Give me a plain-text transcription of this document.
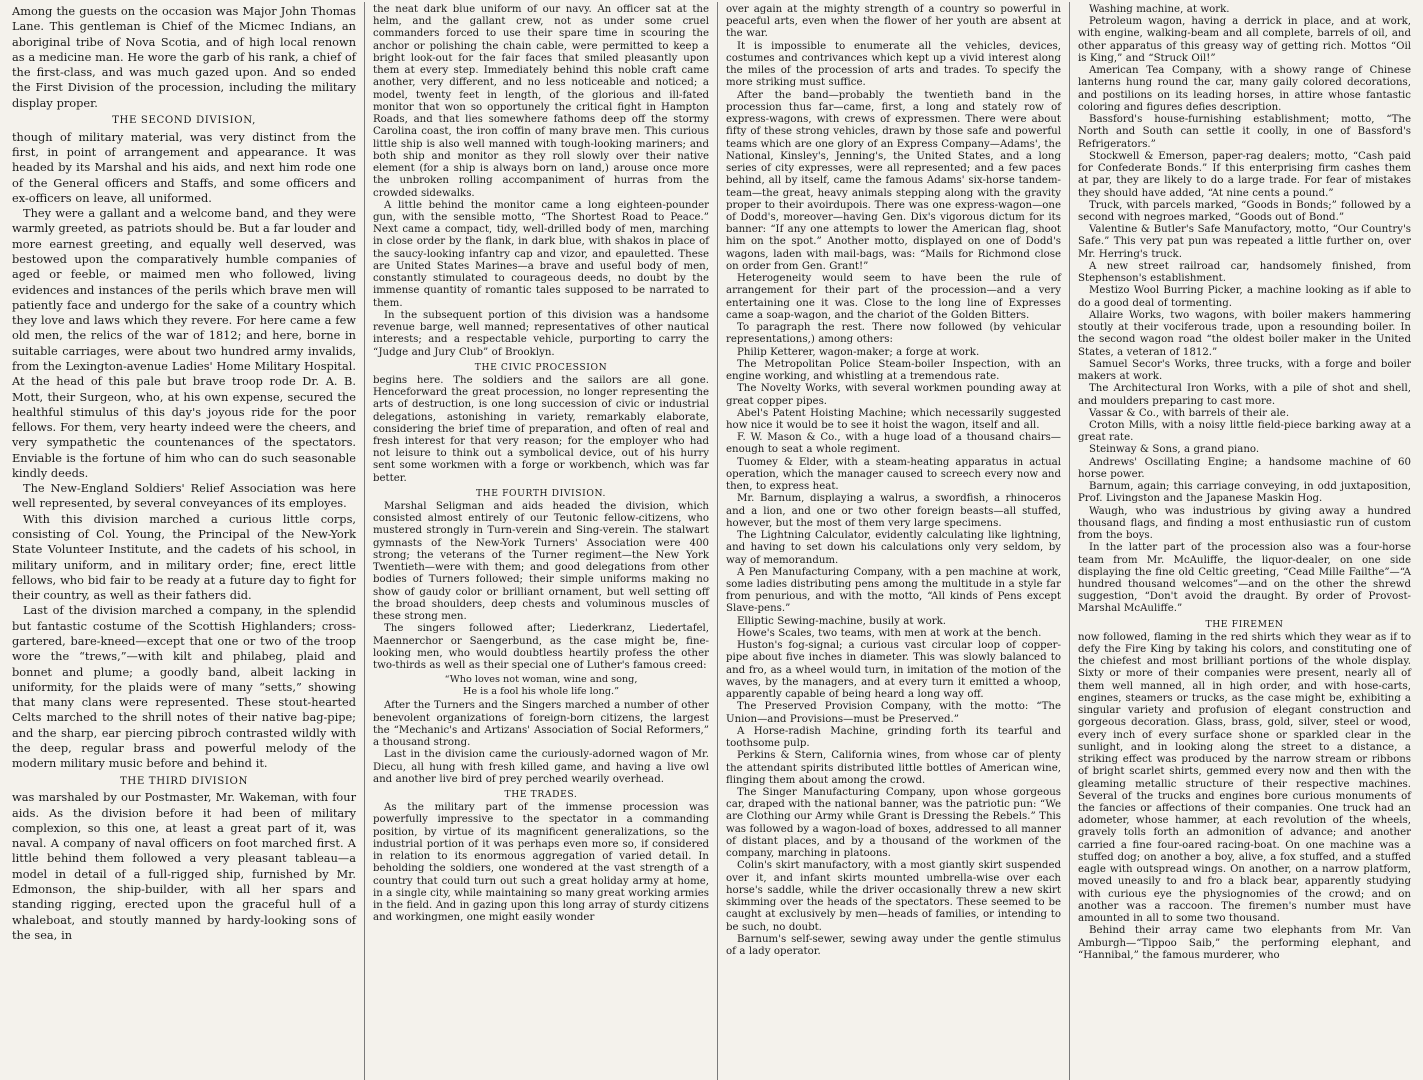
Among the guests on the occasion was Major John Thomas Lane. This gentleman is Chief of the Micmec Indians, an aboriginal tribe of Nova Scotia, and of high local renown as a medicine man. He wore the garb of his rank, a chief of the first-class, and was much gazed upon. And so ended the First Division of the procession, including the military display proper.

THE SECOND DIVISION,

though of military material, was very distinct from the first, in point of arrangement and appearance. It was headed by its Marshal and his aids, and next him rode one of the General officers and Staffs, and some officers and ex-officers on leave, all uniformed.

They were a gallant and a welcome band, and they were warmly greeted, as patriots should be. But a far louder and more earnest greeting, and equally well deserved, was bestowed upon the comparatively humble companies of aged or feeble, or maimed men who followed, living evidences and instances of the perils which brave men will patiently face and undergo for the sake of a country which they love and laws which they revere. For here came a few old men, the relics of the war of 1812; and here, borne in suitable carriages, were about two hundred army invalids, from the Lexington-avenue Ladies' Home Military Hospital. At the head of this pale but brave troop rode Dr. A. B. Mott, their Surgeon, who, at his own expense, secured the healthful stimulus of this day's joyous ride for the poor fellows. For them, very hearty indeed were the cheers, and very sympathetic the countenances of the spectators. Enviable is the fortune of him who can do such seasonable kindly deeds.

The New-England Soldiers' Relief Association was here well represented, by several conveyances of its employes.

With this division marched a curious little corps, consisting of Col. Young, the Principal of the New-York State Volunteer Institute, and the cadets of his school, in military uniform, and in military order; fine, erect little fellows, who bid fair to be ready at a future day to fight for their country, as well as their fathers did.

Last of the division marched a company, in the splendid but fantastic costume of the Scottish Highlanders; cross-gartered, bare-kneed—except that one or two of the troop wore the “trews,”—with kilt and philabeg, plaid and bonnet and plume; a goodly band, albeit lacking in uniformity, for the plaids were of many “setts,” showing that many clans were represented. These stout-hearted Celts marched to the shrill notes of their native bag-pipe; and the sharp, ear piercing pibroch contrasted wildly with the deep, regular brass and powerful melody of the modern military music before and behind it.

THE THIRD DIVISION

was marshaled by our Postmaster, Mr. Wakeman, with four aids. As the division before it had been of military complexion, so this one, at least a great part of it, was naval. A company of naval officers on foot marched first. A little behind them followed a very pleasant tableau—a model in detail of a full-rigged ship, furnished by Mr. Edmonson, the ship-builder, with all her spars and standing rigging, erected upon the graceful hull of a whaleboat, and stoutly manned by hardy-looking sons of the sea, in

the neat dark blue uniform of our navy. An officer sat at the helm, and the gallant crew, not as under some cruel commanders forced to use their spare time in scouring the anchor or polishing the chain cable, were permitted to keep a bright look-out for the fair faces that smiled pleasantly upon them at every step. Immediately behind this noble craft came another, very different, and no less noticeable and noticed; a model, twenty feet in length, of the glorious and ill-fated monitor that won so opportunely the critical fight in Hampton Roads, and that lies somewhere fathoms deep off the stormy Carolina coast, the iron coffin of many brave men. This curious little ship is also well manned with tough-looking mariners; and both ship and monitor as they roll slowly over their native element (for a ship is always born on land,) arouse once more the unbroken rolling accompaniment of hurras from the crowded sidewalks.

A little behind the monitor came a long eighteen-pounder gun, with the sensible motto, “The Shortest Road to Peace.” Next came a compact, tidy, well-drilled body of men, marching in close order by the flank, in dark blue, with shakos in place of the saucy-looking infantry cap and vizor, and epauletted. These are United States Marines—a brave and useful body of men, constantly stimulated to courageous deeds, no doubt by the immense quantity of romantic tales supposed to be narrated to them.

In the subsequent portion of this division was a handsome revenue barge, well manned; representatives of other nautical interests; and a respectable vehicle, purporting to carry the “Judge and Jury Club” of Brooklyn.

THE CIVIC PROCESSION

begins here. The soldiers and the sailors are all gone. Henceforward the great procession, no longer representing the arts of destruction, is one long succession of civic or industrial delegations, astonishing in variety, remarkably elaborate, considering the brief time of preparation, and often of real and fresh interest for that very reason; for the employer who had not leisure to think out a symbolical device, out of his hurry sent some workmen with a forge or workbench, which was far better.

THE FOURTH DIVISION.

Marshal Seligman and aids headed the division, which consisted almost entirely of our Teutonic fellow-citizens, who mustered strongly in Turn-verein and Sing-verein. The stalwart gymnasts of the New-York Turners' Association were 400 strong; the veterans of the Turner regiment—the New York Twentieth—were with them; and good delegations from other bodies of Turners followed; their simple uniforms making no show of gaudy color or brilliant ornament, but well setting off the broad shoulders, deep chests and voluminous muscles of these strong men.

The singers followed after; Liederkranz, Liedertafel, Maennerchor or Saengerbund, as the case might be, fine-looking men, who would doubtless heartily profess the other two-thirds as well as their special one of Luther's famous creed:

“Who loves not woman, wine and song,
He is a fool his whole life long.”

After the Turners and the Singers marched a number of other benevolent organizations of foreign-born citizens, the largest the “Mechanic's and Artizans' Association of Social Reformers,” a thousand strong.

Last in the division came the curiously-adorned wagon of Mr. Diecu, all hung with fresh killed game, and having a live owl and another live bird of prey perched wearily overhead.

THE TRADES.

As the military part of the immense procession was powerfully impressive to the spectator in a commanding position, by virtue of its magnificent generalizations, so the industrial portion of it was perhaps even more so, if considered in relation to its enormous aggregation of varied detail. In beholding the soldiers, one wondered at the vast strength of a country that could turn out such a great holiday army at home, in a single city, while maintaining so many great working armies in the field. And in gazing upon this long array of sturdy citizens and workingmen, one might easily wonder

over again at the mighty strength of a country so powerful in peaceful arts, even when the flower of her youth are absent at the war.

It is impossible to enumerate all the vehicles, devices, costumes and contrivances which kept up a vivid interest along the miles of the procession of arts and trades. To specify the more striking must suffice.

After the band—probably the twentieth band in the procession thus far—came, first, a long and stately row of express-wagons, with crews of expressmen. There were about fifty of these strong vehicles, drawn by those safe and powerful teams which are one glory of an Express Company—Adams', the National, Kinsley's, Jenning's, the United States, and a long series of city expresses, were all represented; and a few paces behind, all by itself, came the famous Adams' six-horse tandem-team—the great, heavy animals stepping along with the gravity proper to their avoirdupois. There was one express-wagon—one of Dodd's, moreover—having Gen. Dix's vigorous dictum for its banner: “If any one attempts to lower the American flag, shoot him on the spot.” Another motto, displayed on one of Dodd's wagons, laden with mail-bags, was: “Mails for Richmond close on order from Gen. Grant!”

Heterogeneity would seem to have been the rule of arrangement for their part of the procession—and a very entertaining one it was. Close to the long line of Expresses came a soap-wagon, and the chariot of the Golden Bitters.

To paragraph the rest. There now followed (by vehicular representations,) among others:

Philip Ketterer, wagon-maker; a forge at work.

The Metropolitan Police Steam-boiler Inspection, with an engine working, and whistling at a tremendous rate.

The Novelty Works, with several workmen pounding away at great copper pipes.

Abel's Patent Hoisting Machine; which necessarily suggested how nice it would be to see it hoist the wagon, itself and all.

F. W. Mason & Co., with a huge load of a thousand chairs—enough to seat a whole regiment.

Tuomey & Elder, with a steam-heating apparatus in actual operation, which the manager caused to screech every now and then, to express heat.

Mr. Barnum, displaying a walrus, a swordfish, a rhinoceros and a lion, and one or two other foreign beasts—all stuffed, however, but the most of them very large specimens.

The Lightning Calculator, evidently calculating like lightning, and having to set down his calculations only very seldom, by way of memorandum.

A Pen Manufacturing Company, with a pen machine at work, some ladies distributing pens among the multitude in a style far from penurious, and with the motto, “All kinds of Pens except Slave-pens.”

Elliptic Sewing-machine, busily at work.

Howe's Scales, two teams, with men at work at the bench.

Huston's fog-signal; a curious vast circular loop of copper-pipe about five inches in diameter. This was slowly balanced to and fro, as a wheel would turn, in imitation of the motion of the waves, by the managers, and at every turn it emitted a whoop, apparently capable of being heard a long way off.

The Preserved Provision Company, with the motto: “The Union—and Provisions—must be Preserved.”

A Horse-radish Machine, grinding forth its tearful and toothsome pulp.

Perkins & Stern, California wines, from whose car of plenty the attendant spirits distributed little bottles of American wine, flinging them about among the crowd.

The Singer Manufacturing Company, upon whose gorgeous car, draped with the national banner, was the patriotic pun: “We are Clothing our Army while Grant is Dressing the Rebels.” This was followed by a wagon-load of boxes, addressed to all manner of distant places, and by a thousand of the workmen of the company, marching in platoons.

Colin's skirt manufactory, with a most giantly skirt suspended over it, and infant skirts mounted umbrella-wise over each horse's saddle, while the driver occasionally threw a new skirt skimming over the heads of the spectators. These seemed to be caught at exclusively by men—heads of families, or intending to be such, no doubt.

Barnum's self-sewer, sewing away under the gentle stimulus of a lady operator.

Washing machine, at work.

Petroleum wagon, having a derrick in place, and at work, with engine, walking-beam and all complete, barrels of oil, and other apparatus of this greasy way of getting rich. Mottos “Oil is King,” and “Struck Oil!”

American Tea Company, with a showy range of Chinese lanterns hung round the car, many gaily colored decorations, and postilions on its leading horses, in attire whose fantastic coloring and figures defies description.

Bassford's house-furnishing establishment; motto, “The North and South can settle it coolly, in one of Bassford's Refrigerators.”

Stockwell & Emerson, paper-rag dealers; motto, “Cash paid for Confederate Bonds.” If this enterprising firm cashes them at par, they are likely to do a large trade. For fear of mistakes they should have added, “At nine cents a pound.”

Truck, with parcels marked, “Goods in Bonds;” followed by a second with negroes marked, “Goods out of Bond.”

Valentine & Butler's Safe Manufactory, motto, “Our Country's Safe.” This very pat pun was repeated a little further on, over Mr. Herring's truck.

A new street railroad car, handsomely finished, from Stephenson's establishment.

Mestizo Wool Burring Picker, a machine looking as if able to do a good deal of tormenting.

Allaire Works, two wagons, with boiler makers hammering stoutly at their vociferous trade, upon a resounding boiler. In the second wagon road “the oldest boiler maker in the United States, a veteran of 1812.”

Samuel Secor's Works, three trucks, with a forge and boiler makers at work.

The Architectural Iron Works, with a pile of shot and shell, and moulders preparing to cast more.

Vassar & Co., with barrels of their ale.

Croton Mills, with a noisy little field-piece barking away at a great rate.

Steinway & Sons, a grand piano.

Andrews' Oscillating Engine; a handsome machine of 60 horse power.

Barnum, again; this carriage conveying, in odd juxtaposition, Prof. Livingston and the Japanese Maskin Hog.

Waugh, who was industrious by giving away a hundred thousand flags, and finding a most enthusiastic run of custom from the boys.

In the latter part of the procession also was a four-horse team from Mr. McAuliffe, the liquor-dealer, on one side displaying the fine old Celtic greeting, “Cead Mille Failthe”—“A hundred thousand welcomes”—and on the other the shrewd suggestion, “Don't avoid the draught. By order of Provost-Marshal McAuliffe.”

THE FIREMEN

now followed, flaming in the red shirts which they wear as if to defy the Fire King by taking his colors, and constituting one of the chiefest and most brilliant portions of the whole display. Sixty or more of their companies were present, nearly all of them well manned, all in high order, and with hose-carts, engines, steamers or trucks, as the case might be, exhibiting a singular variety and profusion of elegant construction and gorgeous decoration. Glass, brass, gold, silver, steel or wood, every inch of every surface shone or sparkled clear in the sunlight, and in looking along the street to a distance, a striking effect was produced by the narrow stream or ribbons of bright scarlet shirts, gemmed every now and then with the gleaming metallic structure of their respective machines. Several of the trucks and engines bore curious monuments of the fancies or affections of their companies. One truck had an adometer, whose hammer, at each revolution of the wheels, gravely tolls forth an admonition of advance; and another carried a fine four-oared racing-boat. On one machine was a stuffed dog; on another a boy, alive, a fox stuffed, and a stuffed eagle with outspread wings. On another, on a narrow platform, moved uneasily to and fro a black bear, apparently studying with curious eye the physiognomies of the crowd; and on another was a raccoon. The firemen's number must have amounted in all to some two thousand.

Behind their array came two elephants from Mr. Van Amburgh—“Tippoo Saib,” the performing elephant, and “Hannibal,” the famous murderer, who
